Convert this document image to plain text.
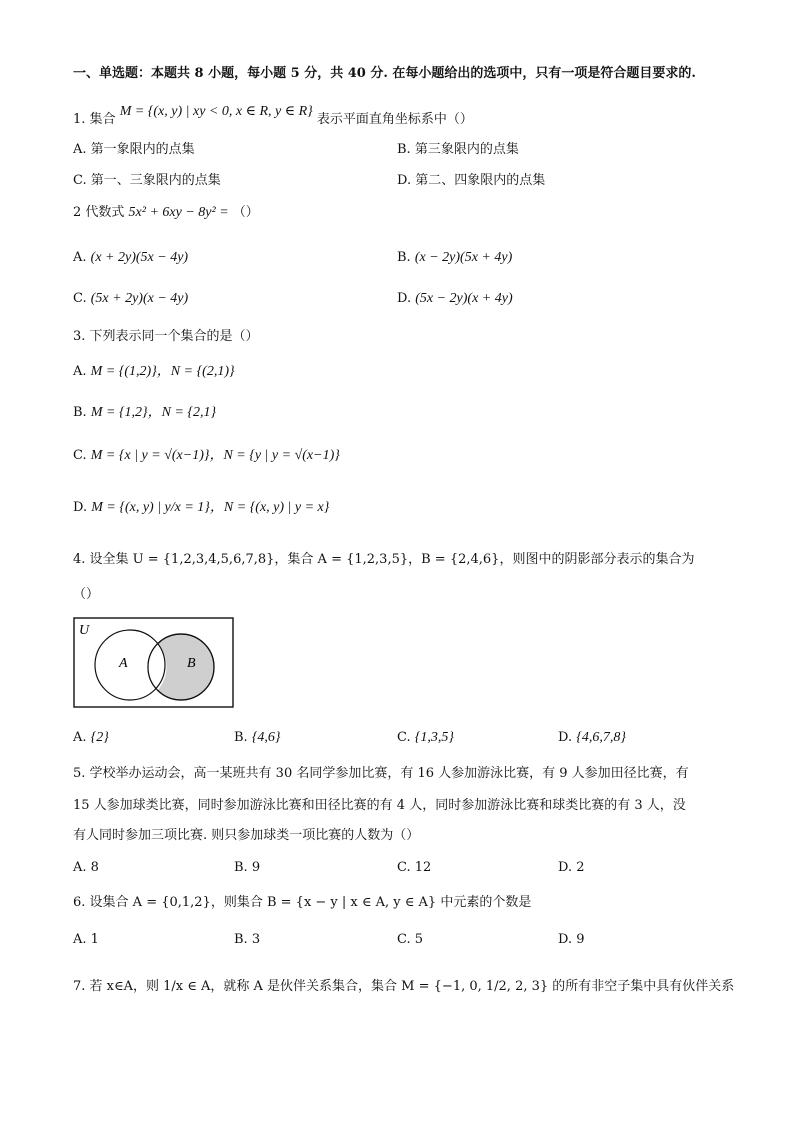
一、单选题：本题共 8 小题，每小题 5 分，共 40 分. 在每小题给出的选项中，只有一项是符合题目要求的.
1. 集合 M = {(x, y) | xy < 0, x ∈ R, y ∈ R} 表示平面直角坐标系中（）
A. 第一象限内的点集	B. 第三象限内的点集
C. 第一、三象限内的点集	D. 第二、四象限内的点集
2 代数式 5x² + 6xy − 8y² = （）
A. (x + 2y)(5x − 4y)	B. (x − 2y)(5x + 4y)
C. (5x + 2y)(x − 4y)	D. (5x − 2y)(x + 4y)
3. 下列表示同一个集合的是（）
A. M = {(1,2)}，N = {(2,1)}
B. M = {1,2}，N = {2,1}
C. M = {x | y = √(x−1)}，N = {y | y = √(x−1)}
D. M = {(x, y) | y/x = 1}，N = {(x, y) | y = x}
4. 设全集 U = {1,2,3,4,5,6,7,8}，集合 A = {1,2,3,5}，B = {2,4,6}，则图中的阴影部分表示的集合为
（）
U
A	B
A. {2}	B. {4,6}	C. {1,3,5}	D. {4,6,7,8}
5. 学校举办运动会，高一某班共有 30 名同学参加比赛，有 16 人参加游泳比赛，有 9 人参加田径比赛，有
15 人参加球类比赛，同时参加游泳比赛和田径比赛的有 4 人，同时参加游泳比赛和球类比赛的有 3 人，没
有人同时参加三项比赛. 则只参加球类一项比赛的人数为（）
A. 8	B. 9	C. 12	D. 2
6. 设集合 A = {0,1,2}，则集合 B = {x − y | x ∈ A, y ∈ A} 中元素的个数是
A. 1	B. 3	C. 5	D. 9
7. 若 x∈A，则 1/x ∈ A，就称 A 是伙伴关系集合，集合 M = {−1, 0, 1/2, 2, 3} 的所有非空子集中具有伙伴关系
